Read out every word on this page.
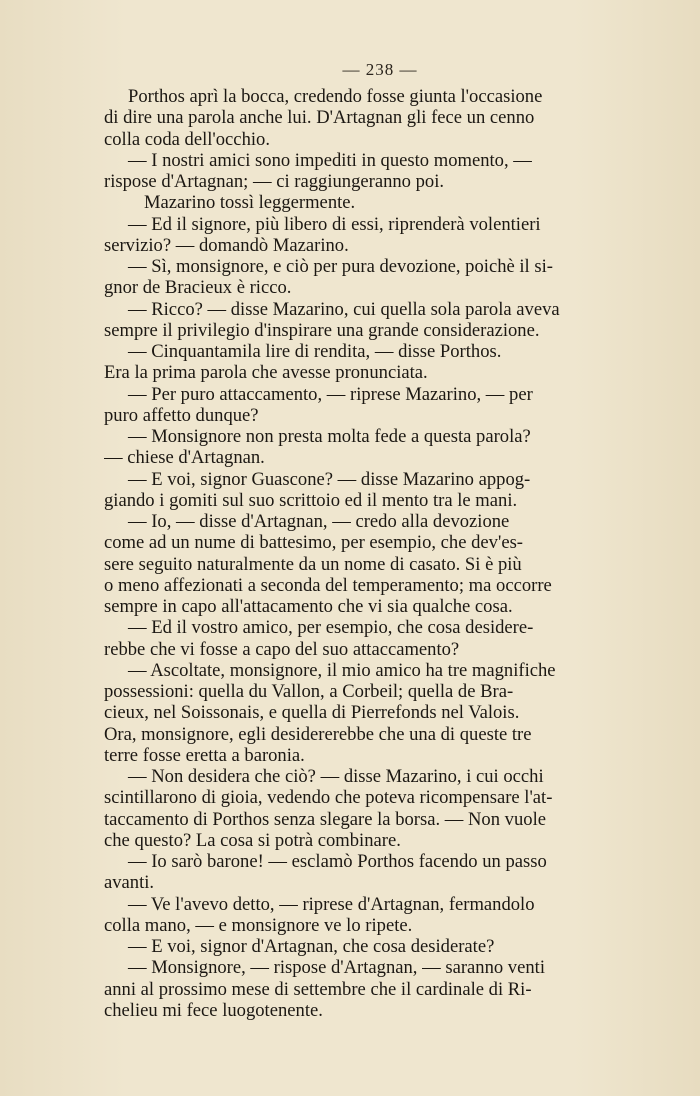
— 238 —
Porthos aprì la bocca, credendo fosse giunta l'occasione
di dire una parola anche lui. D'Artagnan gli fece un cenno
colla coda dell'occhio.
— I nostri amici sono impediti in questo momento, —
rispose d'Artagnan; — ci raggiungeranno poi.
Mazarino tossì leggermente.
— Ed il signore, più libero di essi, riprenderà volentieri
servizio? — domandò Mazarino.
— Sì, monsignore, e ciò per pura devozione, poichè il si-
gnor de Bracieux è ricco.
— Ricco? — disse Mazarino, cui quella sola parola aveva
sempre il privilegio d'inspirare una grande considerazione.
— Cinquantamila lire di rendita, — disse Porthos.
Era la prima parola che avesse pronunciata.
— Per puro attaccamento, — riprese Mazarino, — per
puro affetto dunque?
— Monsignore non presta molta fede a questa parola?
— chiese d'Artagnan.
— E voi, signor Guascone? — disse Mazarino appog-
giando i gomiti sul suo scrittoio ed il mento tra le mani.
— Io, — disse d'Artagnan, — credo alla devozione
come ad un nume di battesimo, per esempio, che dev'es-
sere seguito naturalmente da un nome di casato. Si è più
o meno affezionati a seconda del temperamento; ma occorre
sempre in capo all'attacamento che vi sia qualche cosa.
— Ed il vostro amico, per esempio, che cosa desidere-
rebbe che vi fosse a capo del suo attaccamento?
— Ascoltate, monsignore, il mio amico ha tre magnifiche
possessioni: quella du Vallon, a Corbeil; quella de Bra-
cieux, nel Soissonais, e quella di Pierrefonds nel Valois.
Ora, monsignore, egli desidererebbe che una di queste tre
terre fosse eretta a baronia.
— Non desidera che ciò? — disse Mazarino, i cui occhi
scintillarono di gioia, vedendo che poteva ricompensare l'at-
taccamento di Porthos senza slegare la borsa. — Non vuole
che questo? La cosa si potrà combinare.
— Io sarò barone! — esclamò Porthos facendo un passo
avanti.
— Ve l'avevo detto, — riprese d'Artagnan, fermandolo
colla mano, — e monsignore ve lo ripete.
— E voi, signor d'Artagnan, che cosa desiderate?
— Monsignore, — rispose d'Artagnan, — saranno venti
anni al prossimo mese di settembre che il cardinale di Ri-
chelieu mi fece luogotenente.
